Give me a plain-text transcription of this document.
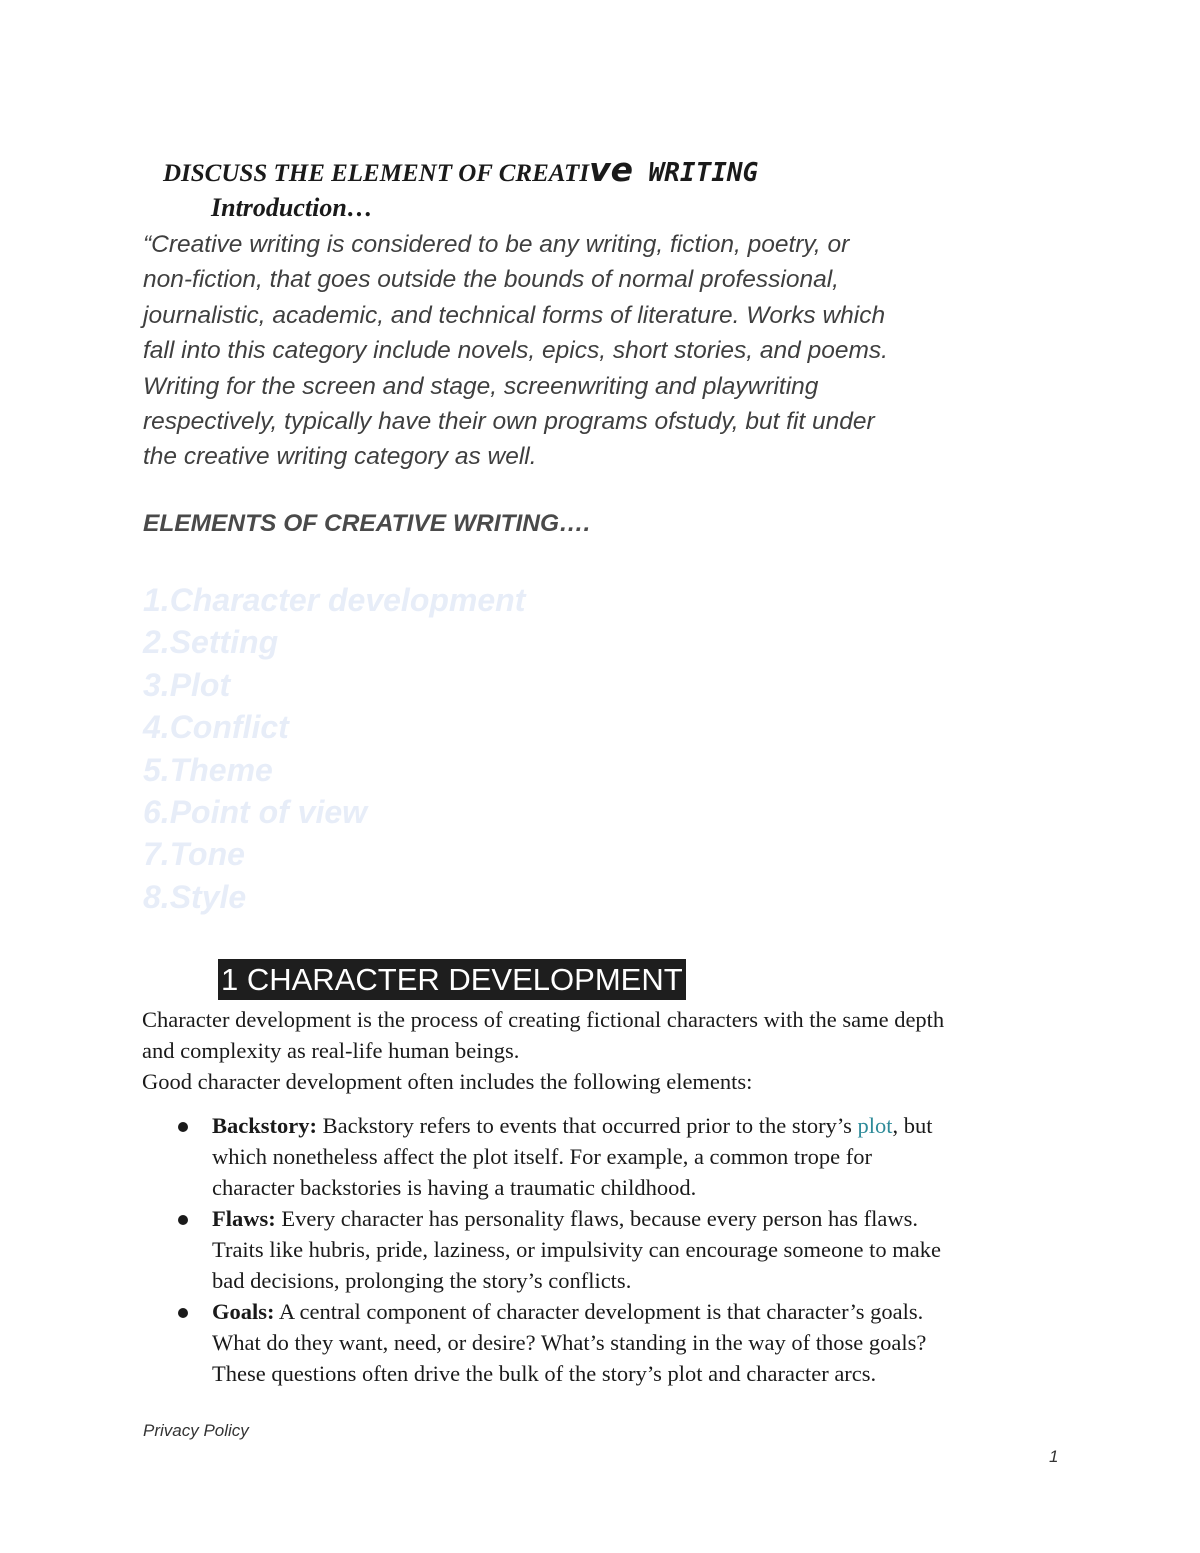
DISCUSS THE ELEMENT OF CREATIve WRITING
Introduction…
“Creative writing is considered to be any writing, fiction, poetry, or
non-fiction, that goes outside the bounds of normal professional,
journalistic, academic, and technical forms of literature. Works which
fall into this category include novels, epics, short stories, and poems.
Writing for the screen and stage, screenwriting and playwriting
respectively, typically have their own programs ofstudy, but fit under
the creative writing category as well.
ELEMENTS OF CREATIVE WRITING….
1.Character development
2.Setting
3.Plot
4.Conflict
5.Theme
6.Point of view
7.Tone
8.Style
1 CHARACTER DEVELOPMENT
Character development is the process of creating fictional characters with the same depth
and complexity as real-life human beings.
Good character development often includes the following elements:
Backstory: Backstory refers to events that occurred prior to the story’s plot, but
which nonetheless affect the plot itself. For example, a common trope for
character backstories is having a traumatic childhood.
Flaws: Every character has personality flaws, because every person has flaws.
Traits like hubris, pride, laziness, or impulsivity can encourage someone to make
bad decisions, prolonging the story’s conflicts.
Goals: A central component of character development is that character’s goals.
What do they want, need, or desire? What’s standing in the way of those goals?
These questions often drive the bulk of the story’s plot and character arcs.
Privacy Policy
1
